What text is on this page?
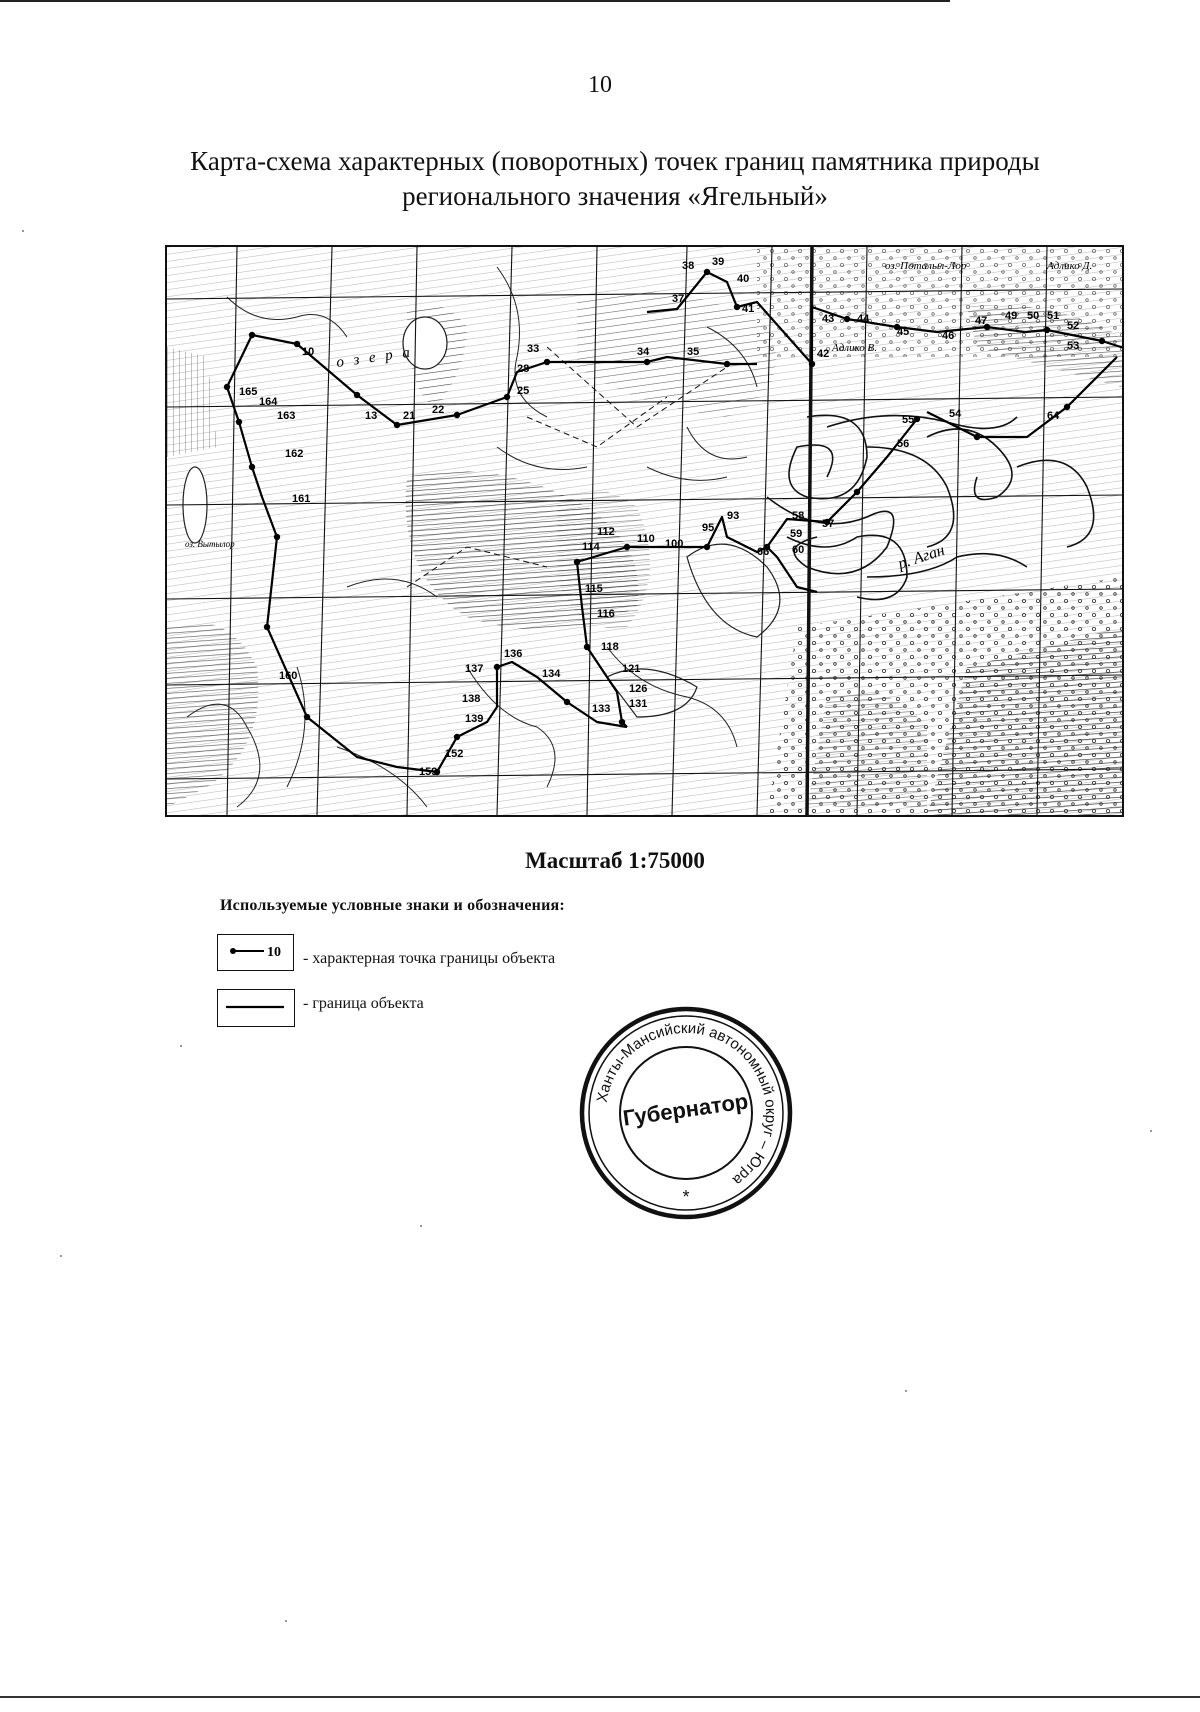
10
Карта-схема характерных (поворотных) точек границ памятника природы
регионального значения «Ягельный»
10
13 21 22
25
28
33	34	35
37
38 39
40
41
42
43 44
45	46
47 49 50 51
52
53
54
55
56
57
58
59
60
64
66
93
95
100
110
112
114
115
116
118
121
126
131
133
134
136
137
138
139
152
159
160
161
162
163
164
165
оз. Поталыл-Лор	Адлико Д.
Адлико В.
р. Аган
о з е р а
оз. Вытылор
Масштаб 1:75000
Используемые условные знаки и обозначения:
10 - характерная точка границы объекта
- граница объекта
Ханты-Мансийский автономный округ – Югра
Губернатор
*
